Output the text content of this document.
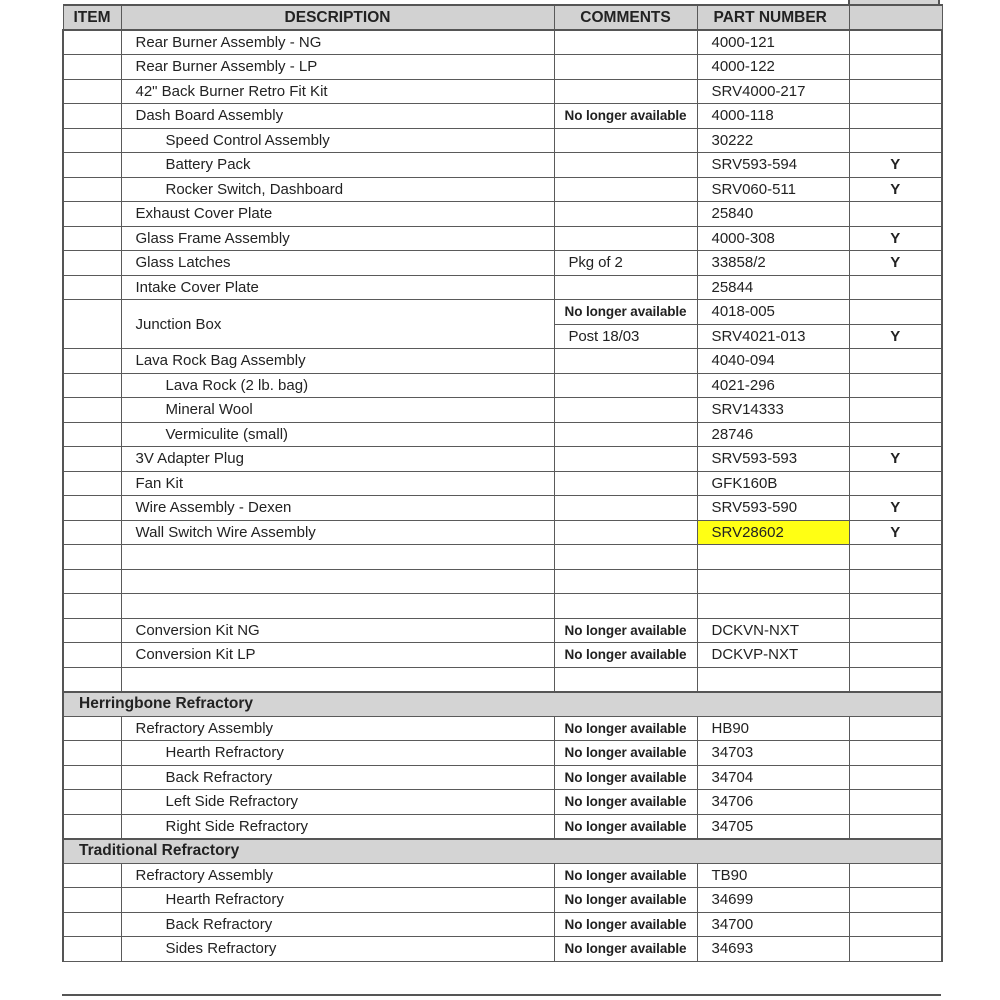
ITEM	DESCRIPTION	COMMENTS	PART NUMBER	
	Rear Burner Assembly - NG		4000-121	
	Rear Burner Assembly - LP		4000-122	
	42" Back Burner Retro Fit Kit		SRV4000-217	
	Dash Board Assembly	No longer available	4000-118	
	Speed Control Assembly		30222	
	Battery Pack		SRV593-594	Y
	Rocker Switch, Dashboard		SRV060-511	Y
	Exhaust Cover Plate		25840	
	Glass Frame Assembly		4000-308	Y
	Glass Latches	Pkg of 2	33858/2	Y
	Intake Cover Plate		25844	
	Junction Box	No longer available	4018-005	
		Post 18/03	SRV4021-013	Y
	Lava Rock Bag Assembly		4040-094	
	Lava Rock (2 lb. bag)		4021-296	
	Mineral Wool		SRV14333	
	Vermiculite (small)		28746	
	3V Adapter Plug		SRV593-593	Y
	Fan Kit		GFK160B	
	Wire Assembly - Dexen		SRV593-590	Y
	Wall Switch Wire Assembly		SRV28602	Y

	Conversion Kit NG	No longer available	DCKVN-NXT	
	Conversion Kit LP	No longer available	DCKVP-NXT	

Herringbone Refractory				
	Refractory Assembly	No longer available	HB90	
	Hearth Refractory	No longer available	34703	
	Back Refractory	No longer available	34704	
	Left Side Refractory	No longer available	34706	
	Right Side Refractory	No longer available	34705	
Traditional Refractory				
	Refractory Assembly	No longer available	TB90	
	Hearth Refractory	No longer available	34699	
	Back Refractory	No longer available	34700	
	Sides Refractory	No longer available	34693	
